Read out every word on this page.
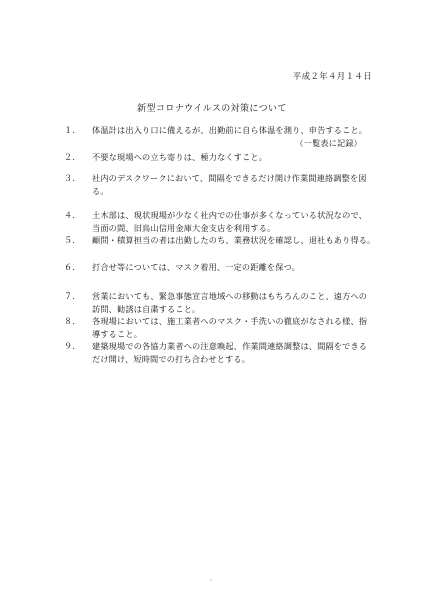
平成２年４月１４日
新型コロナウイルスの対策について
１．	体温計は出入り口に備えるが、出勤前に自ら体温を測り、申告すること。
（一覧表に記録）
２．	不要な現場への立ち寄りは、極力なくすこと。
３．	社内のデスクワークにおいて、間隔をできるだけ開け作業間連絡調整を図
る。
４．	土木部は、現状現場が少なく社内での仕事が多くなっている状況なので、
当面の間、旧鳥山信用金庫大金支店を利用する。
５．	顧問・積算担当の者は出勤したのち、業務状況を確認し、退社もあり得る。
６．	打合せ等については、マスク着用、一定の距離を保つ。
７．	営業においても、緊急事態宣言地域への移動はもちろんのこと、遠方への
訪問、勧誘は自粛すること。
８．	各現場においては、施工業者へのマスク・手洗いの徹底がなされる様、指
導すること。
９．	建築現場での各協力業者への注意喚起、作業間連絡調整は、間隔をできる
だけ開け、短時間での打ち合わせとする。
